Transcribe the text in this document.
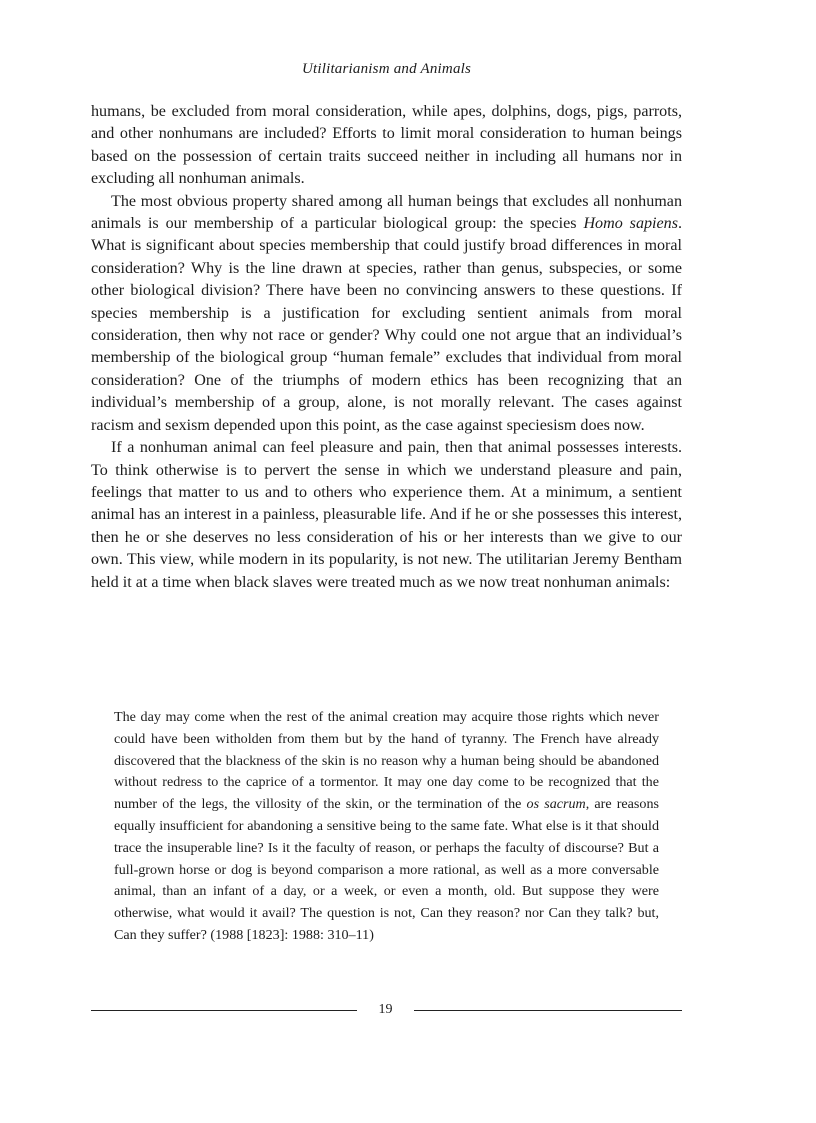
Utilitarianism and Animals

humans, be excluded from moral consideration, while apes, dolphins, dogs, pigs, parrots, and other nonhumans are included? Efforts to limit moral consideration to human beings based on the possession of certain traits succeed neither in including all humans nor in excluding all nonhuman animals.

The most obvious property shared among all human beings that excludes all nonhuman animals is our membership of a particular biological group: the species Homo sapiens. What is significant about species membership that could justify broad differences in moral consideration? Why is the line drawn at species, rather than genus, subspecies, or some other biological division? There have been no convincing answers to these questions. If species membership is a justification for excluding sentient animals from moral consideration, then why not race or gender? Why could one not argue that an individual’s membership of the biological group “human female” excludes that individual from moral consideration? One of the triumphs of modern ethics has been recognizing that an individual’s membership of a group, alone, is not morally relevant. The cases against racism and sexism depended upon this point, as the case against speciesism does now.

If a nonhuman animal can feel pleasure and pain, then that animal possesses interests. To think otherwise is to pervert the sense in which we understand pleasure and pain, feelings that matter to us and to others who experience them. At a minimum, a sentient animal has an interest in a painless, pleasurable life. And if he or she possesses this interest, then he or she deserves no less consideration of his or her interests than we give to our own. This view, while modern in its popularity, is not new. The utilitarian Jeremy Bentham held it at a time when black slaves were treated much as we now treat nonhuman animals:

The day may come when the rest of the animal creation may acquire those rights which never could have been witholden from them but by the hand of tyranny. The French have already discovered that the blackness of the skin is no reason why a human being should be abandoned without redress to the caprice of a tormentor. It may one day come to be recognized that the number of the legs, the villosity of the skin, or the termination of the os sacrum, are reasons equally insufficient for abandoning a sensitive being to the same fate. What else is it that should trace the insuperable line? Is it the faculty of reason, or perhaps the faculty of discourse? But a full-grown horse or dog is beyond comparison a more rational, as well as a more conversable animal, than an infant of a day, or a week, or even a month, old. But suppose they were otherwise, what would it avail? The question is not, Can they reason? nor Can they talk? but, Can they suffer? (1988 [1823]: 1988: 310–11)

19
